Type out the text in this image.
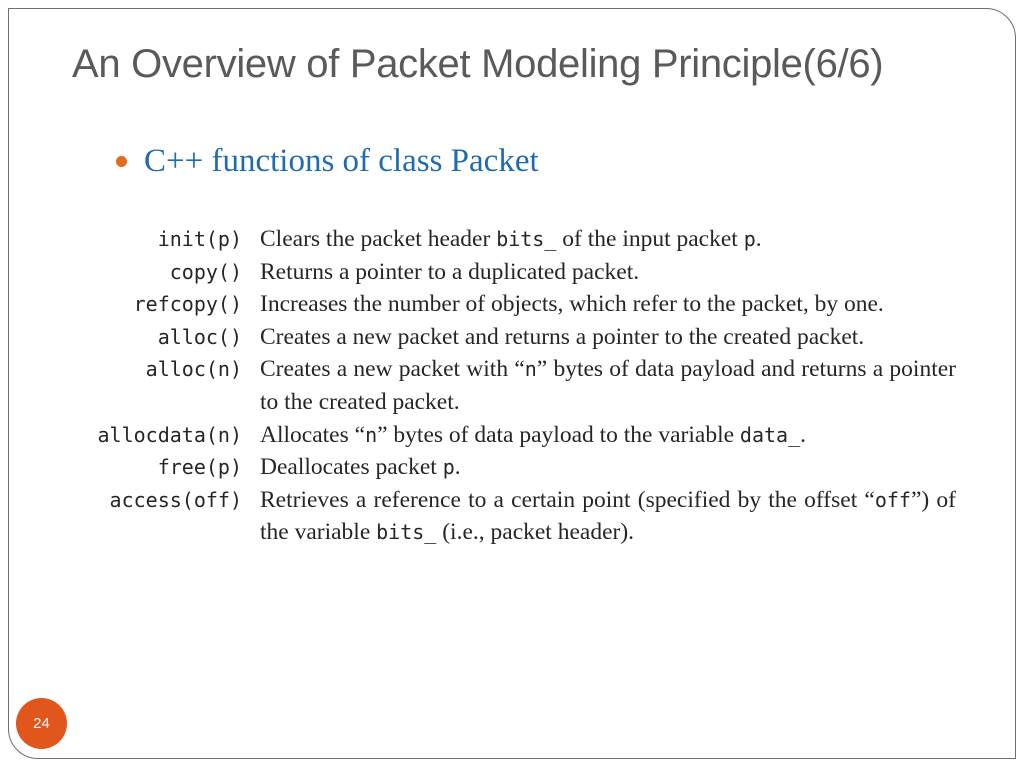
An Overview of Packet Modeling Principle(6/6)
C++ functions of class Packet
init(p)	Clears the packet header bits_ of the input packet p.
copy()	Returns a pointer to a duplicated packet.
refcopy()	Increases the number of objects, which refer to the packet, by one.
alloc()	Creates a new packet and returns a pointer to the created packet.
alloc(n)	Creates a new packet with “n” bytes of data payload and returns a pointer to the created packet.
allocdata(n)	Allocates “n” bytes of data payload to the variable data_.
free(p)	Deallocates packet p.
access(off)	Retrieves a reference to a certain point (specified by the offset “off”) of the variable bits_ (i.e., packet header).
24
